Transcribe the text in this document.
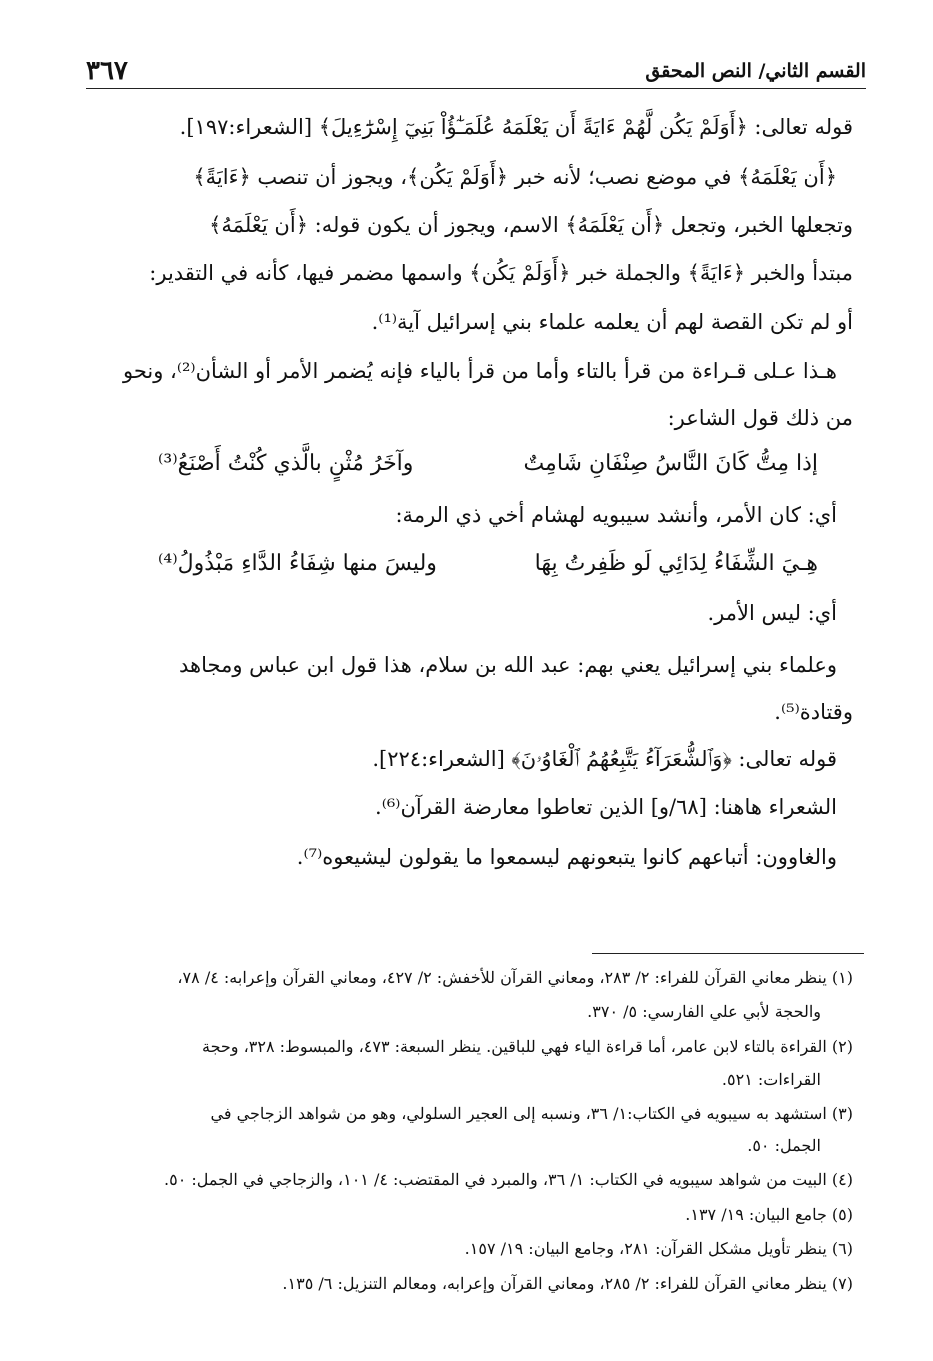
القسم الثاني/ النص المحقق
٣٦٧
قوله تعالى: ﴿أَوَلَمْ يَكُن لَّهُمْ ءَايَةً أَن يَعْلَمَهُ عُلَمَـٰٓؤُاْ بَنِيٓ إِسْرَٰٓءِيلَ﴾ [الشعراء:١٩٧].
﴿أَن يَعْلَمَهُ﴾ في موضع نصب؛ لأنه خبر ﴿أَوَلَمْ يَكُن﴾، ويجوز أن تنصب ﴿ءَايَةً﴾
وتجعلها الخبر، وتجعل ﴿أَن يَعْلَمَهُ﴾ الاسم، ويجوز أن يكون قوله: ﴿أَن يَعْلَمَهُ﴾
مبتدأ والخبر ﴿ءَايَةً﴾ والجملة خبر ﴿أَوَلَمْ يَكُن﴾ واسمها مضمر فيها، كأنه في التقدير:
أو لم تكن القصة لهم أن يعلمه علماء بني إسرائيل آية⁽¹⁾.
هـذا عـلى قـراءة من قرأ بالتاء وأما من قرأ بالياء فإنه يُضمر الأمر أو الشأن⁽²⁾، ونحو
من ذلك قول الشاعر:
إذا مِتُّ كَانَ النَّاسُ صِنْفَانِ شَامِتٌ
وآخَرُ مُثْنٍ بالَّذي كُنْتُ أَصْنَعُ⁽³⁾
أي: كان الأمر، وأنشد سيبويه لهشام أخي ذي الرمة:
هِـيَ الشِّفَاءُ لِدَائِي لَو ظَفِرتُ بِهَا
وليسَ منها شِفَاءُ الدَّاءِ مَبْذُولُ⁽⁴⁾
أي: ليس الأمر.
وعلماء بني إسرائيل يعني بهم: عبد الله بن سلام، هذا قول ابن عباس ومجاهد
وقتادة⁽⁵⁾.
قوله تعالى: ﴿وَٱلشُّعَرَآءُ يَتَّبِعُهُمُ ٱلْغَاوُۥنَ﴾ [الشعراء:٢٢٤].
الشعراء هاهنا: [٦٨/و] الذين تعاطوا معارضة القرآن⁽⁶⁾.
والغاوون: أتباعهم كانوا يتبعونهم ليسمعوا ما يقولون ليشيعوه⁽⁷⁾.
(١) ينظر معاني القرآن للفراء: ٢/ ٢٨٣، ومعاني القرآن للأخفش: ٢/ ٤٢٧، ومعاني القرآن وإعرابه: ٤/ ٧٨،
والحجة لأبي علي الفارسي: ٥/ ٣٧٠.
(٢) القراءة بالتاء لابن عامر، أما قراءة الياء فهي للباقين. ينظر السبعة: ٤٧٣، والمبسوط: ٣٢٨، وحجة
القراءات: ٥٢١.
(٣) استشهد به سيبويه في الكتاب:١/ ٣٦، ونسبه إلى العجير السلولي، وهو من شواهد الزجاجي في
الجمل: ٥٠.
(٤) البيت من شواهد سيبويه في الكتاب: ١/ ٣٦، والمبرد في المقتضب: ٤/ ١٠١، والزجاجي في الجمل: ٥٠.
(٥) جامع البيان: ١٩/ ١٣٧.
(٦) ينظر تأويل مشكل القرآن: ٢٨١، وجامع البيان: ١٩/ ١٥٧.
(٧) ينظر معاني القرآن للفراء: ٢/ ٢٨٥، ومعاني القرآن وإعرابه، ومعالم التنزيل: ٦/ ١٣٥.
